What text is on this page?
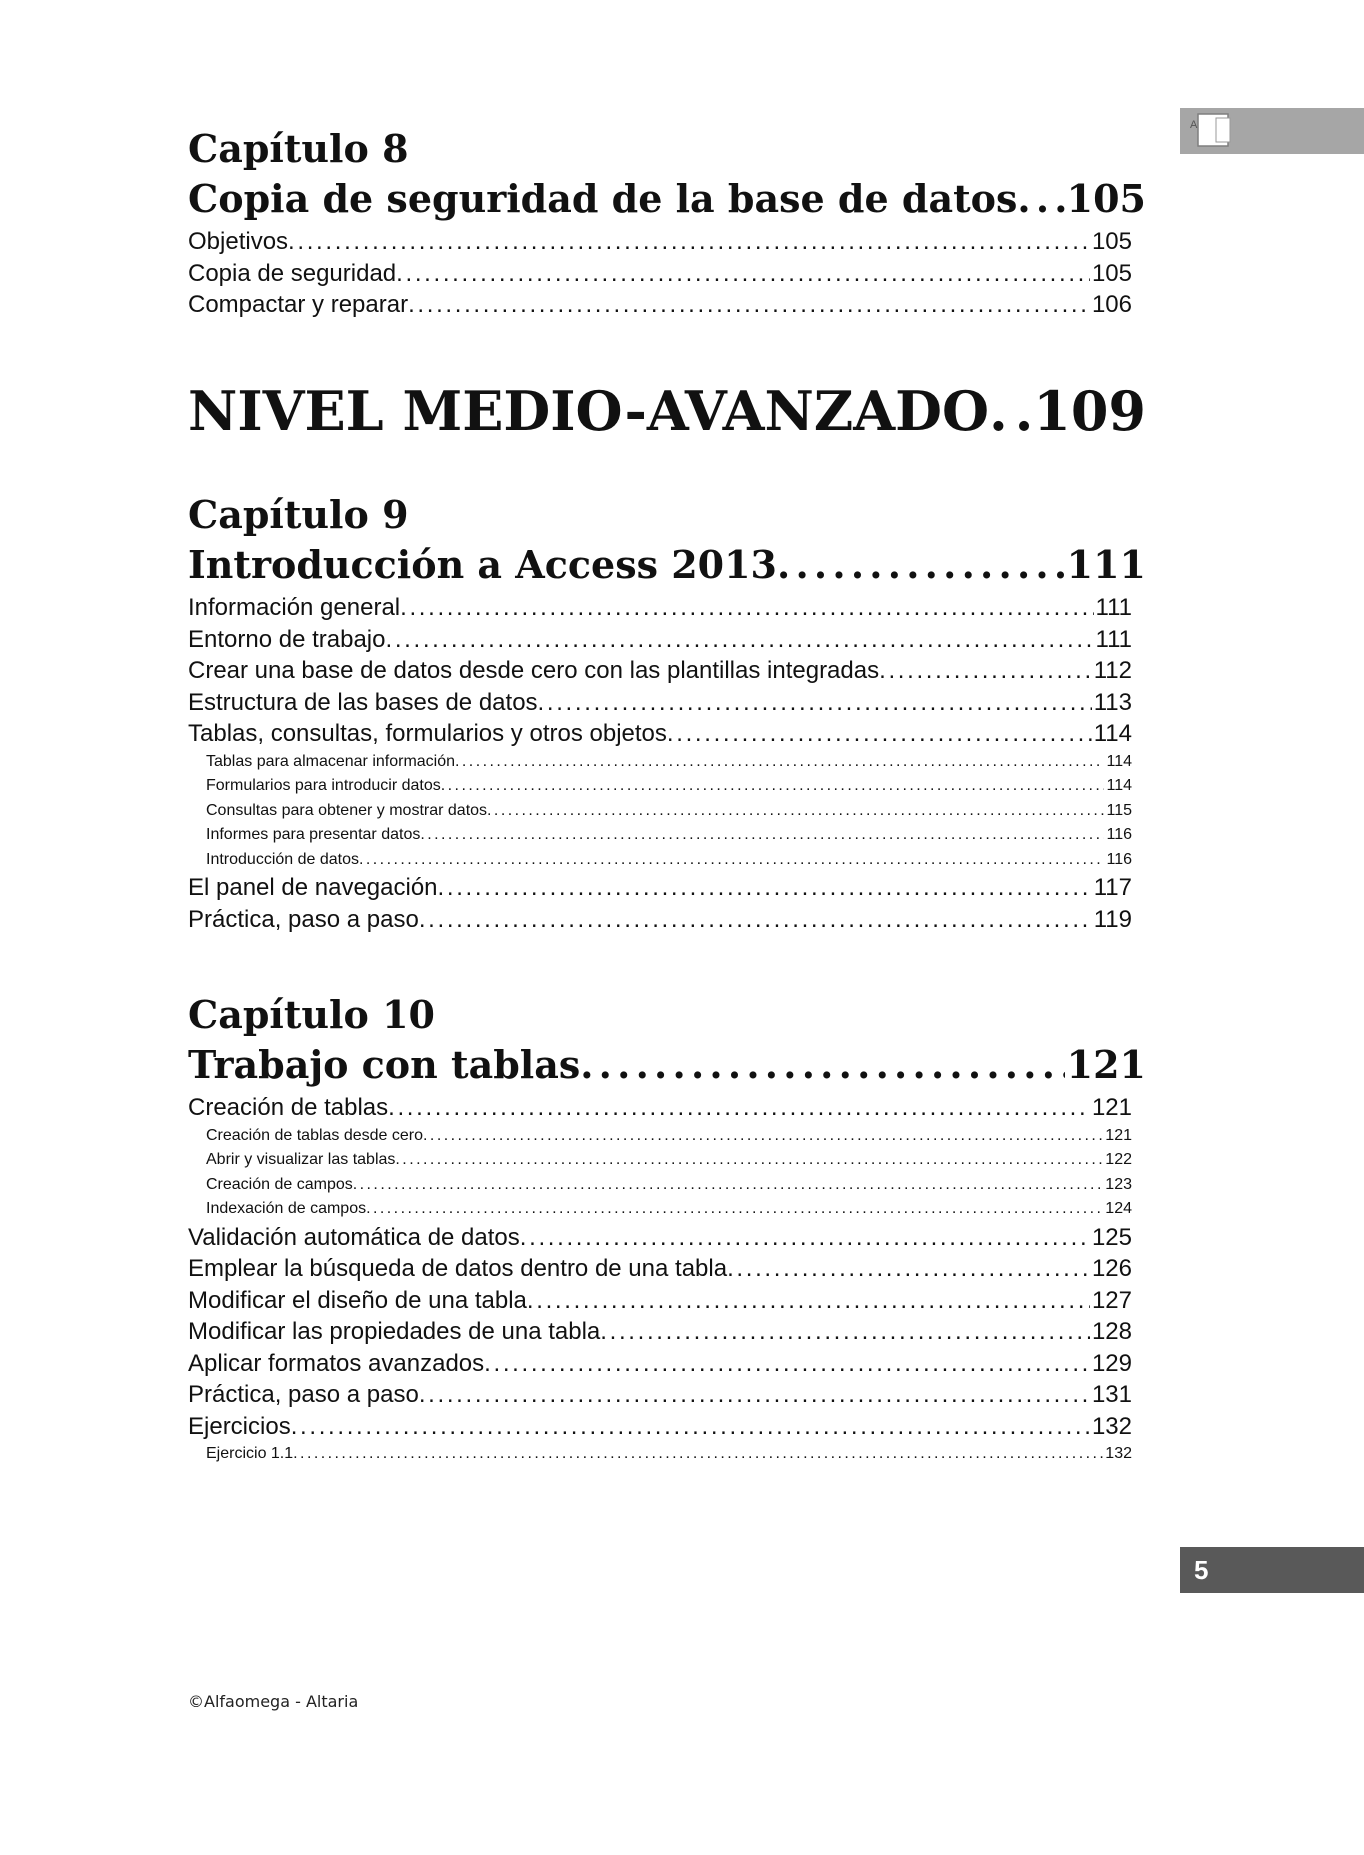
A
Capítulo 8
Copia de seguridad de la base de datos . . . 105
Objetivos . . .	105
Copia de seguridad . . .	105
Compactar y reparar . . .	106
NIVEL MEDIO-AVANZADO . . . 109
Capítulo 9
Introducción a Access 2013 . . .	111
Información general . . .	111
Entorno de trabajo . . .	111
Crear una base de datos desde cero con las plantillas integradas . . .	112
Estructura de las bases de datos . . .	113
Tablas, consultas, formularios y otros objetos . . .	114
Tablas para almacenar información . . .	114
Formularios para introducir datos . . .	114
Consultas para obtener y mostrar datos . . .	115
Informes para presentar datos . . .	116
Introducción de datos . . .	116
El panel de navegación . . .	117
Práctica, paso a paso . . .	119
Capítulo 10
Trabajo con tablas . . .	121
Creación de tablas . . .	121
Creación de tablas desde cero . . .	121
Abrir y visualizar las tablas . . .	122
Creación de campos . . .	123
Indexación de campos . . .	124
Validación automática de datos . . .	125
Emplear la búsqueda de datos dentro de una tabla . . .	126
Modificar el diseño de una tabla . . .	127
Modificar las propiedades de una tabla . . .	128
Aplicar formatos avanzados . . .	129
Práctica, paso a paso . . .	131
Ejercicios . . .	132
Ejercicio 1.1 . . .	132
5
©Alfaomega - Altaria
